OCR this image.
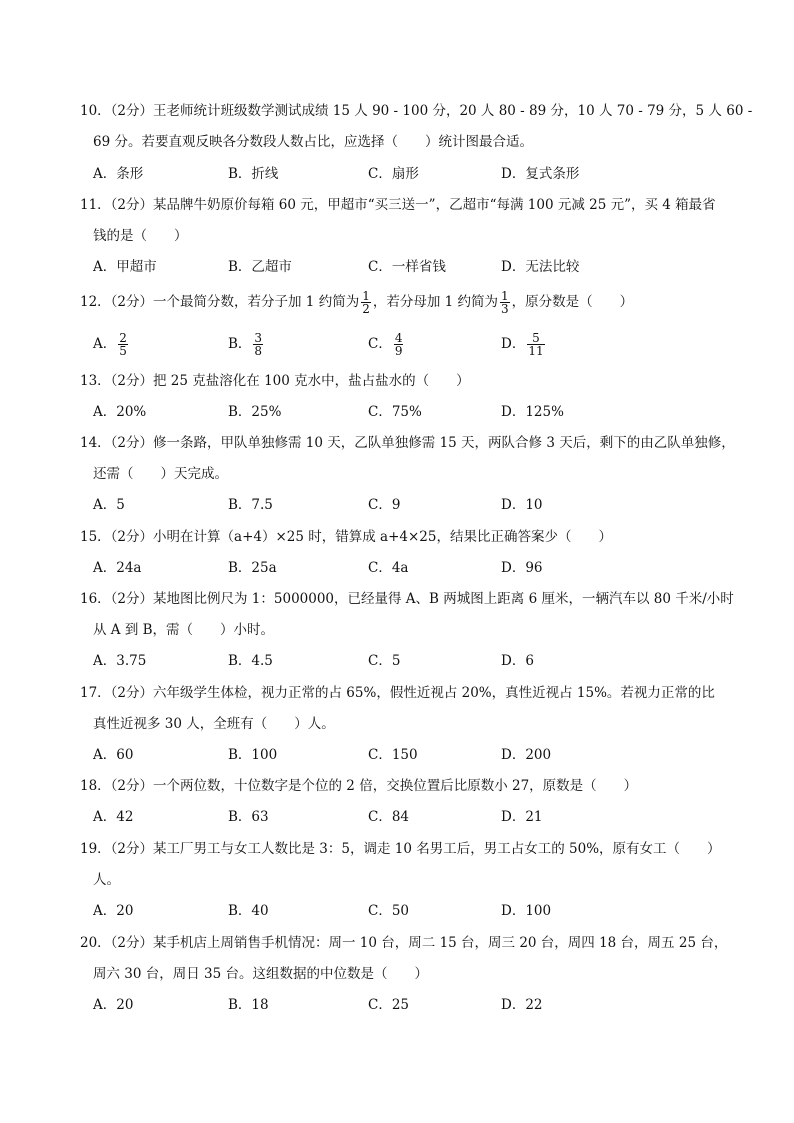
10．（2分）王老师统计班级数学测试成绩 15 人 90 - 100 分，20 人 80 - 89 分，10 人 70 - 79 分，5 人 60 -
69 分。若要直观反映各分数段人数占比，应选择（　　）统计图最合适。
A．条形	B．折线	C．扇形	D．复式条形
11．（2分）某品牌牛奶原价每箱 60 元，甲超市“买三送一”，乙超市“每满 100 元减 25 元”，买 4 箱最省
钱的是（　　）
A．甲超市	B．乙超市	C．一样省钱	D．无法比较
12．（2分）一个最简分数，若分子加 1 约简为 $\frac{1}{2}$ ，若分母加 1 约简为 $\frac{1}{3}$ ，原分数是（　　）
A． $\frac{2}{5}$	B． $\frac{3}{8}$	C． $\frac{4}{9}$	D． $\frac{5}{11}$
13．（2分）把 25 克盐溶化在 100 克水中，盐占盐水的（　　）
A．20%	B．25%	C．75%	D．125%
14．（2分）修一条路，甲队单独修需 10 天，乙队单独修需 15 天，两队合修 3 天后，剩下的由乙队单独修，
还需（　　）天完成。
A．5	B．7.5	C．9	D．10
15．（2分）小明在计算（a+4）×25 时，错算成 a+4×25，结果比正确答案少（　　）
A．24a	B．25a	C．4a	D．96
16．（2分）某地图比例尺为 1：5000000，已经量得 A、B 两城图上距离 6 厘米，一辆汽车以 80 千米/小时
从 A 到 B，需（　　）小时。
A．3.75	B．4.5	C．5	D．6
17．（2分）六年级学生体检，视力正常的占 65%，假性近视占 20%，真性近视占 15%。若视力正常的比
真性近视多 30 人，全班有（　　）人。
A．60	B．100	C．150	D．200
18．（2分）一个两位数，十位数字是个位的 2 倍，交换位置后比原数小 27，原数是（　　）
A．42	B．63	C．84	D．21
19．（2分）某工厂男工与女工人数比是 3：5，调走 10 名男工后，男工占女工的 50%，原有女工（　　）
人。
A．20	B．40	C．50	D．100
20．（2分）某手机店上周销售手机情况：周一 10 台，周二 15 台，周三 20 台，周四 18 台，周五 25 台，
周六 30 台，周日 35 台。这组数据的中位数是（　　）
A．20	B．18	C．25	D．22
